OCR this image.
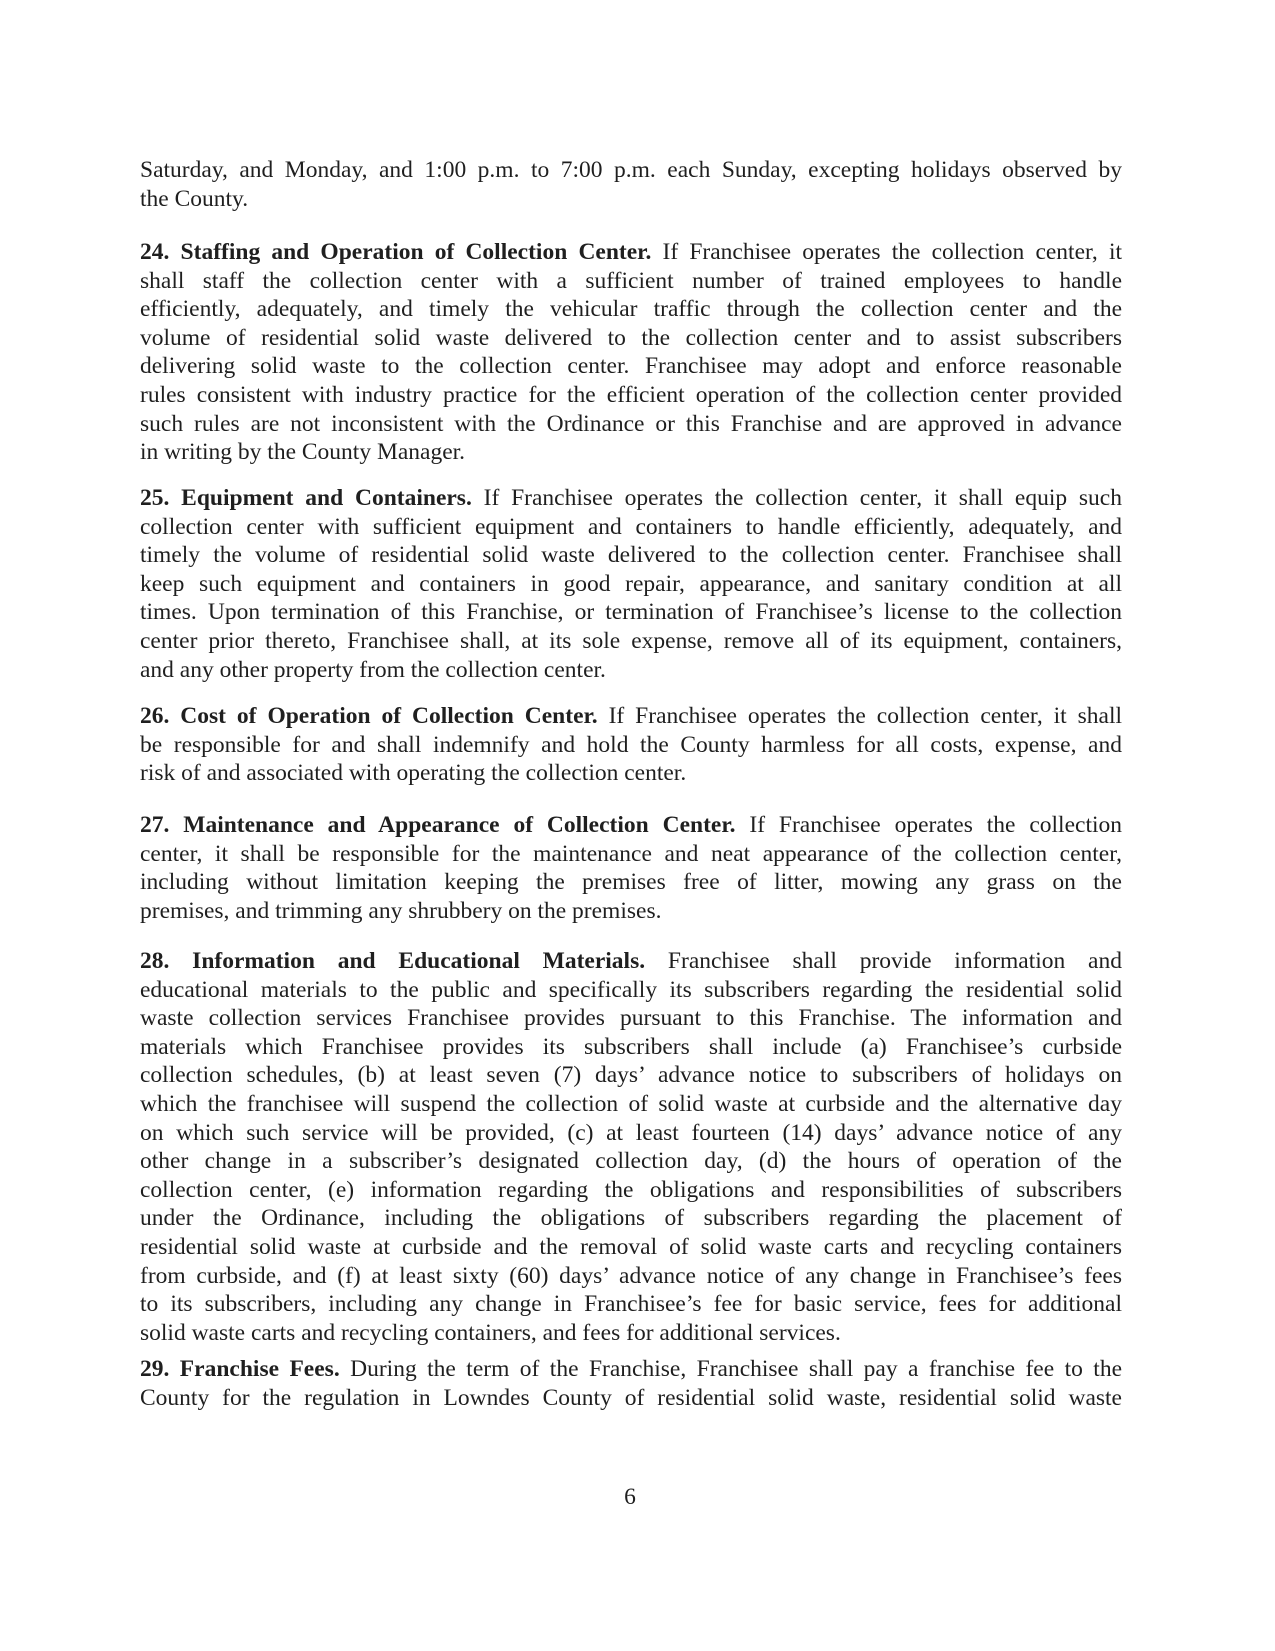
Saturday, and Monday, and 1:00 p.m. to 7:00 p.m. each Sunday, excepting holidays observed by
the County.
24. Staffing and Operation of Collection Center. If Franchisee operates the collection center, it
shall staff the collection center with a sufficient number of trained employees to handle
efficiently, adequately, and timely the vehicular traffic through the collection center and the
volume of residential solid waste delivered to the collection center and to assist subscribers
delivering solid waste to the collection center. Franchisee may adopt and enforce reasonable
rules consistent with industry practice for the efficient operation of the collection center provided
such rules are not inconsistent with the Ordinance or this Franchise and are approved in advance
in writing by the County Manager.
25. Equipment and Containers. If Franchisee operates the collection center, it shall equip such
collection center with sufficient equipment and containers to handle efficiently, adequately, and
timely the volume of residential solid waste delivered to the collection center. Franchisee shall
keep such equipment and containers in good repair, appearance, and sanitary condition at all
times. Upon termination of this Franchise, or termination of Franchisee’s license to the collection
center prior thereto, Franchisee shall, at its sole expense, remove all of its equipment, containers,
and any other property from the collection center.
26. Cost of Operation of Collection Center. If Franchisee operates the collection center, it shall
be responsible for and shall indemnify and hold the County harmless for all costs, expense, and
risk of and associated with operating the collection center.
27. Maintenance and Appearance of Collection Center. If Franchisee operates the collection
center, it shall be responsible for the maintenance and neat appearance of the collection center,
including without limitation keeping the premises free of litter, mowing any grass on the
premises, and trimming any shrubbery on the premises.
28. Information and Educational Materials. Franchisee shall provide information and
educational materials to the public and specifically its subscribers regarding the residential solid
waste collection services Franchisee provides pursuant to this Franchise. The information and
materials which Franchisee provides its subscribers shall include (a) Franchisee’s curbside
collection schedules, (b) at least seven (7) days’ advance notice to subscribers of holidays on
which the franchisee will suspend the collection of solid waste at curbside and the alternative day
on which such service will be provided, (c) at least fourteen (14) days’ advance notice of any
other change in a subscriber’s designated collection day, (d) the hours of operation of the
collection center, (e) information regarding the obligations and responsibilities of subscribers
under the Ordinance, including the obligations of subscribers regarding the placement of
residential solid waste at curbside and the removal of solid waste carts and recycling containers
from curbside, and (f) at least sixty (60) days’ advance notice of any change in Franchisee’s fees
to its subscribers, including any change in Franchisee’s fee for basic service, fees for additional
solid waste carts and recycling containers, and fees for additional services.
29. Franchise Fees. During the term of the Franchise, Franchisee shall pay a franchise fee to the
County for the regulation in Lowndes County of residential solid waste, residential solid waste
6
